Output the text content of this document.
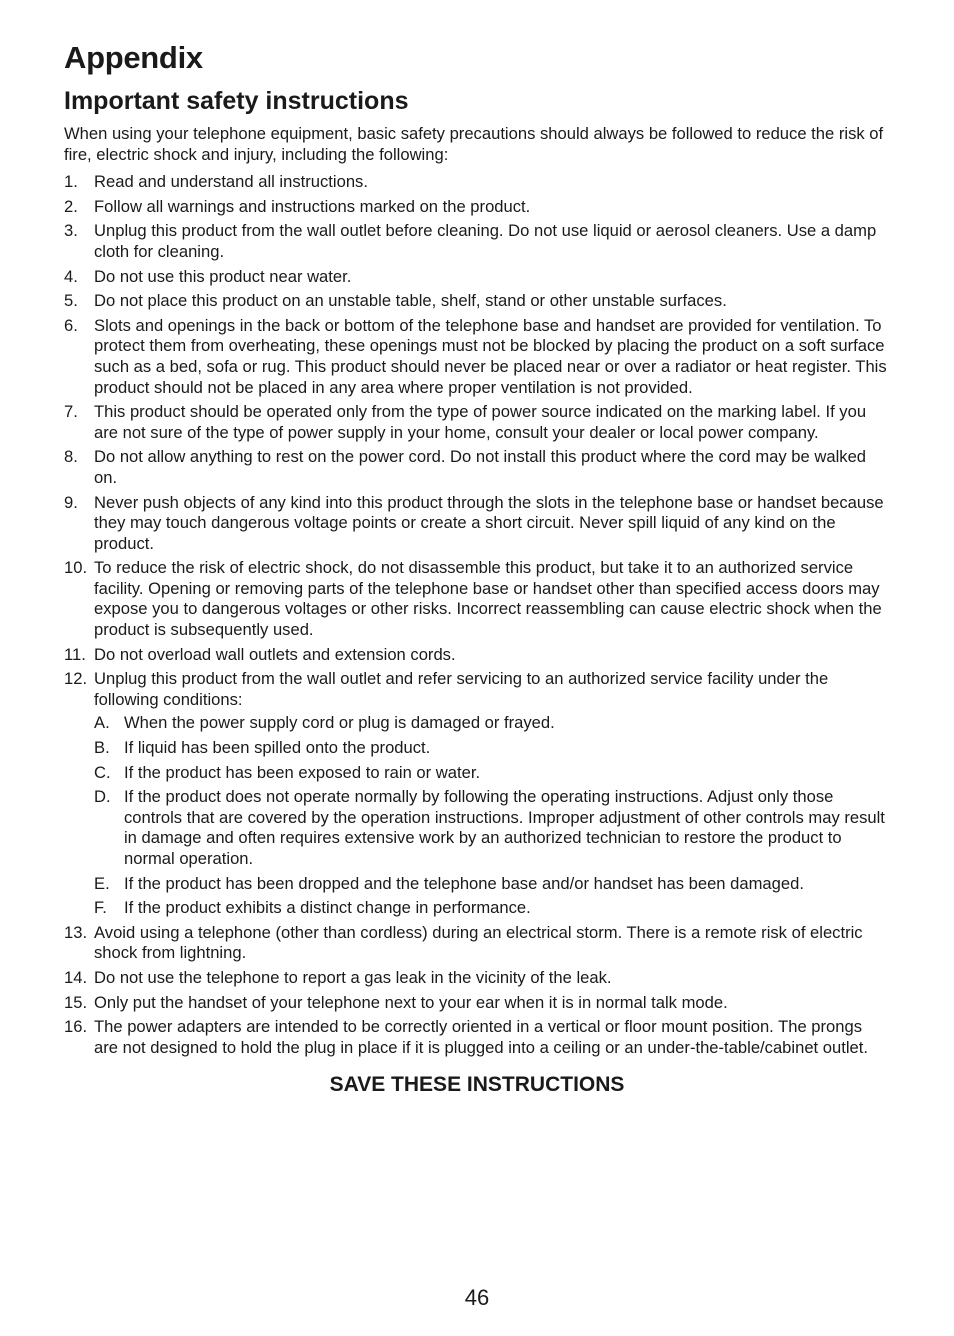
Appendix
Important safety instructions

When using your telephone equipment, basic safety precautions should always be followed to reduce the risk of fire, electric shock and injury, including the following:

1. Read and understand all instructions.
2. Follow all warnings and instructions marked on the product.
3. Unplug this product from the wall outlet before cleaning. Do not use liquid or aerosol cleaners. Use a damp cloth for cleaning.
4. Do not use this product near water.
5. Do not place this product on an unstable table, shelf, stand or other unstable surfaces.
6. Slots and openings in the back or bottom of the telephone base and handset are provided for ventilation. To protect them from overheating, these openings must not be blocked by placing the product on a soft surface such as a bed, sofa or rug. This product should never be placed near or over a radiator or heat register. This product should not be placed in any area where proper ventilation is not provided.
7. This product should be operated only from the type of power source indicated on the marking label. If you are not sure of the type of power supply in your home, consult your dealer or local power company.
8. Do not allow anything to rest on the power cord. Do not install this product where the cord may be walked on.
9. Never push objects of any kind into this product through the slots in the telephone base or handset because they may touch dangerous voltage points or create a short circuit. Never spill liquid of any kind on the product.
10. To reduce the risk of electric shock, do not disassemble this product, but take it to an authorized service facility. Opening or removing parts of the telephone base or handset other than specified access doors may expose you to dangerous voltages or other risks. Incorrect reassembling can cause electric shock when the product is subsequently used.
11. Do not overload wall outlets and extension cords.
12. Unplug this product from the wall outlet and refer servicing to an authorized service facility under the following conditions:
A. When the power supply cord or plug is damaged or frayed.
B. If liquid has been spilled onto the product.
C. If the product has been exposed to rain or water.
D. If the product does not operate normally by following the operating instructions. Adjust only those controls that are covered by the operation instructions. Improper adjustment of other controls may result in damage and often requires extensive work by an authorized technician to restore the product to normal operation.
E. If the product has been dropped and the telephone base and/or handset has been damaged.
F. If the product exhibits a distinct change in performance.
13. Avoid using a telephone (other than cordless) during an electrical storm. There is a remote risk of electric shock from lightning.
14. Do not use the telephone to report a gas leak in the vicinity of the leak.
15. Only put the handset of your telephone next to your ear when it is in normal talk mode.
16. The power adapters are intended to be correctly oriented in a vertical or floor mount position. The prongs are not designed to hold the plug in place if it is plugged into a ceiling or an under-the-table/cabinet outlet.

SAVE THESE INSTRUCTIONS

46
